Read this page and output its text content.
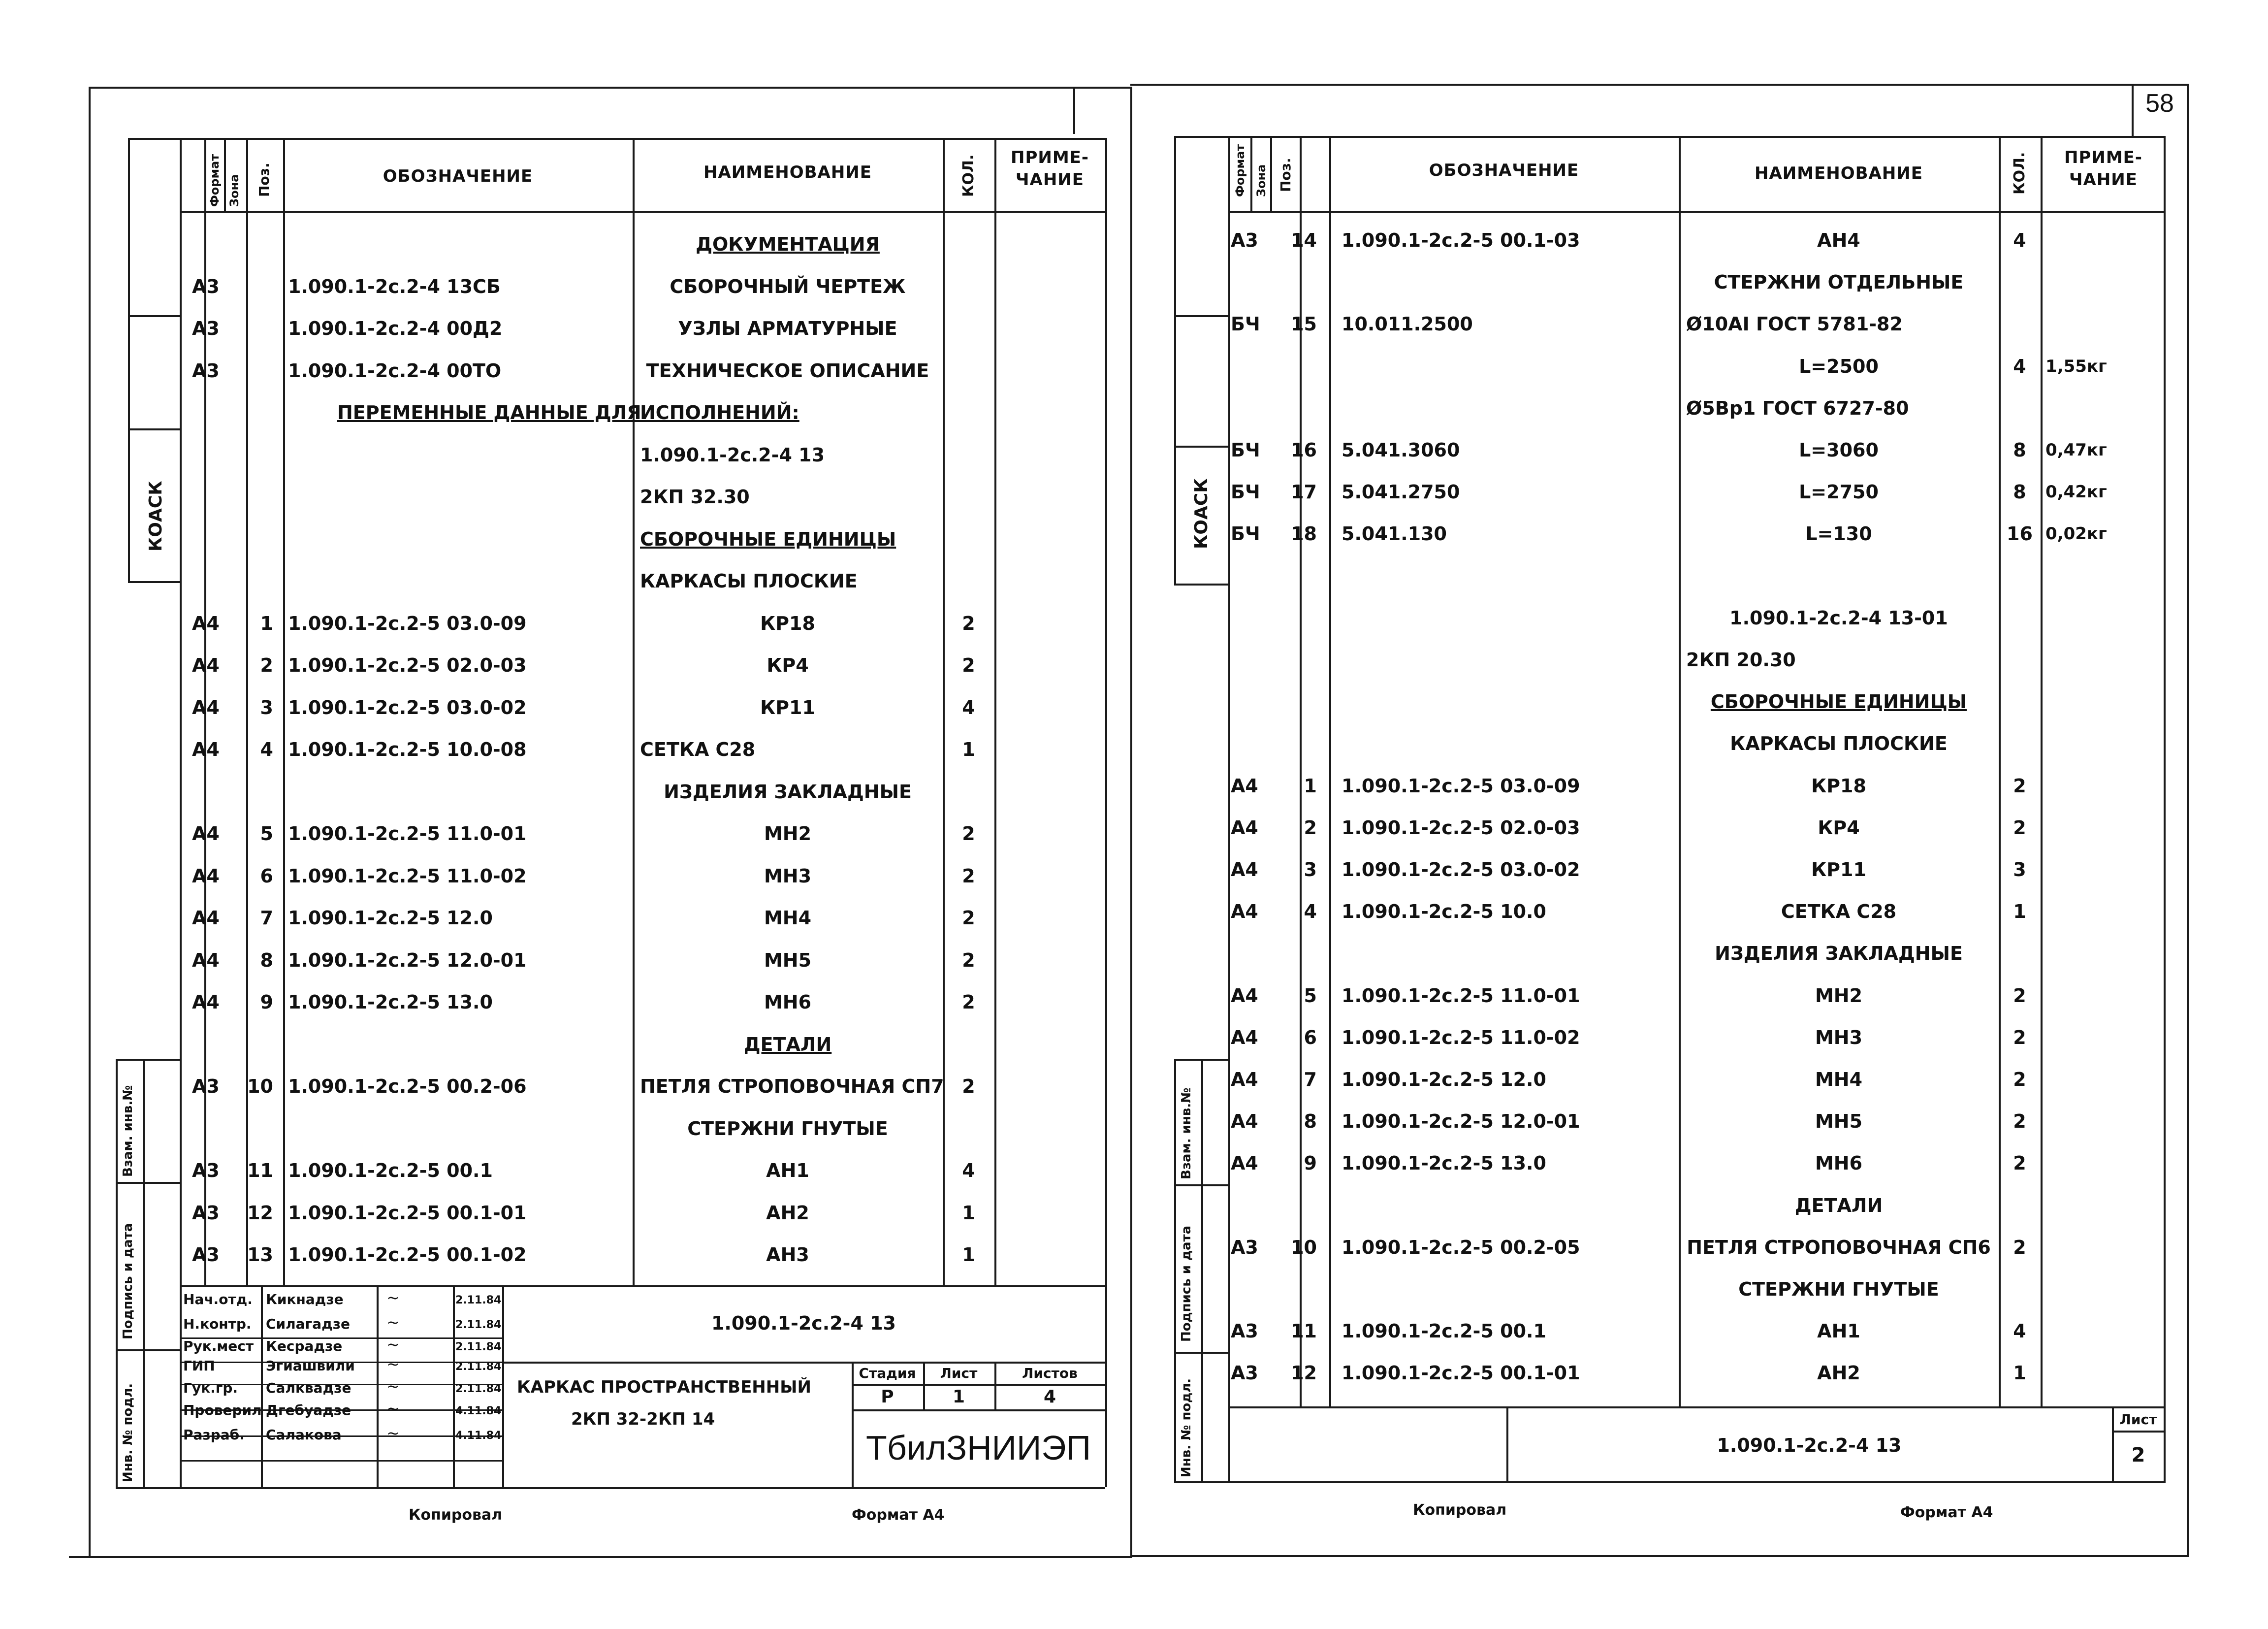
КОАСК
Инв. № подл.
Подпись и дата
Взам. инв.№
Формат Зона Поз.	ОБОЗНАЧЕНИЕ	НАИМЕНОВАНИЕ	КОЛ.	ПРИМЕ-
ЧАНИЕ
ДОКУМЕНТАЦИЯ
А3	1.090.1-2с.2-4 13СБ	СБОРОЧНЫЙ ЧЕРТЕЖ
А3	1.090.1-2с.2-4 00Д2	УЗЛЫ АРМАТУРНЫЕ
А3	1.090.1-2с.2-4 00ТО	ТЕХНИЧЕСКОЕ ОПИСАНИЕ
ПЕРЕМЕННЫЕ ДАННЫЕ ДЛЯ
ИСПОЛНЕНИЙ:
1.090.1-2с.2-4 13
2КП 32.30
СБОРОЧНЫЕ ЕДИНИЦЫ
КАРКАСЫ ПЛОСКИЕ
А4	1 1.090.1-2с.2-5 03.0-09	КР18	2
А4	2 1.090.1-2с.2-5 02.0-03	КР4	2
А4	3 1.090.1-2с.2-5 03.0-02	КР11	4
А4	4 1.090.1-2с.2-5 10.0-08	СЕТКА С28	1
ИЗДЕЛИЯ ЗАКЛАДНЫЕ
А4	5 1.090.1-2с.2-5 11.0-01	МН2	2
А4	6 1.090.1-2с.2-5 11.0-02	МН3	2
А4	7 1.090.1-2с.2-5 12.0	МН4	2
А4	8 1.090.1-2с.2-5 12.0-01	МН5	2
А4	9 1.090.1-2с.2-5 13.0	МН6	2
ДЕТАЛИ
А3	10 1.090.1-2с.2-5 00.2-06	ПЕТЛЯ СТРОПОВОЧНАЯ СП7 2
СТЕРЖНИ ГНУТЫЕ
А3	11 1.090.1-2с.2-5 00.1	АН1	4
А3	12 1.090.1-2с.2-5 00.1-01	АН2	1
А3	13 1.090.1-2с.2-5 00.1-02	АН3	1
Нач.отд. Кикнадзе	~	2.11.84
Н.контр. Силагадзе ~	2.11.84
Рук.мест Кесрадзе	~	2.11.84
ГИП	Эгиашвили ~	2.11.84
Гук.гр. Салквадзе ~	2.11.84
Проверил Дгебуадзе ~	4.11.84
Разраб. Салакова	~	4.11.84
1.090.1-2с.2-4 13
КАРКАС ПРОСТРАНСТВЕННЫЙ
2КП 32-2КП 14
Стадия	Лист	Листов
Р	1	4
ТбилЗНИИЭП
Копировал	Формат А4
58
КОАСК
Инв. № подл.
Подпись и дата
Взам. инв.№
Формат Зона Поз.	ОБОЗНАЧЕНИЕ	НАИМЕНОВАНИЕ	КОЛ.	ПРИМЕ-
ЧАНИЕ
А3	14 1.090.1-2с.2-5 00.1-03	АН4	4
СТЕРЖНИ ОТДЕЛЬНЫЕ
БЧ	15 10.011.2500	Ø10АI ГОСТ 5781-82
L=2500	4	1,55кг
Ø5Вр1 ГОСТ 6727-80
БЧ	16 5.041.3060	L=3060	8	0,47кг
БЧ	17 5.041.2750	L=2750	8	0,42кг
БЧ	18 5.041.130	L=130	16 0,02кг
1.090.1-2с.2-4 13-01
2КП 20.30
СБОРОЧНЫЕ ЕДИНИЦЫ
КАРКАСЫ ПЛОСКИЕ
А4	1 1.090.1-2с.2-5 03.0-09	КР18	2
А4	2 1.090.1-2с.2-5 02.0-03	КР4	2
А4	3 1.090.1-2с.2-5 03.0-02	КР11	3
А4	4 1.090.1-2с.2-5 10.0	СЕТКА С28	1
ИЗДЕЛИЯ ЗАКЛАДНЫЕ
А4	5 1.090.1-2с.2-5 11.0-01	МН2	2
А4	6 1.090.1-2с.2-5 11.0-02	МН3	2
А4	7 1.090.1-2с.2-5 12.0	МН4	2
А4	8 1.090.1-2с.2-5 12.0-01	МН5	2
А4	9 1.090.1-2с.2-5 13.0	МН6	2
ДЕТАЛИ
А3	10 1.090.1-2с.2-5 00.2-05	ПЕТЛЯ СТРОПОВОЧНАЯ СП6	2
СТЕРЖНИ ГНУТЫЕ
А3	11 1.090.1-2с.2-5 00.1	АН1	4
А3	12 1.090.1-2с.2-5 00.1-01	АН2	1
1.090.1-2с.2-4 13
Лист
2
Копировал	Формат А4
